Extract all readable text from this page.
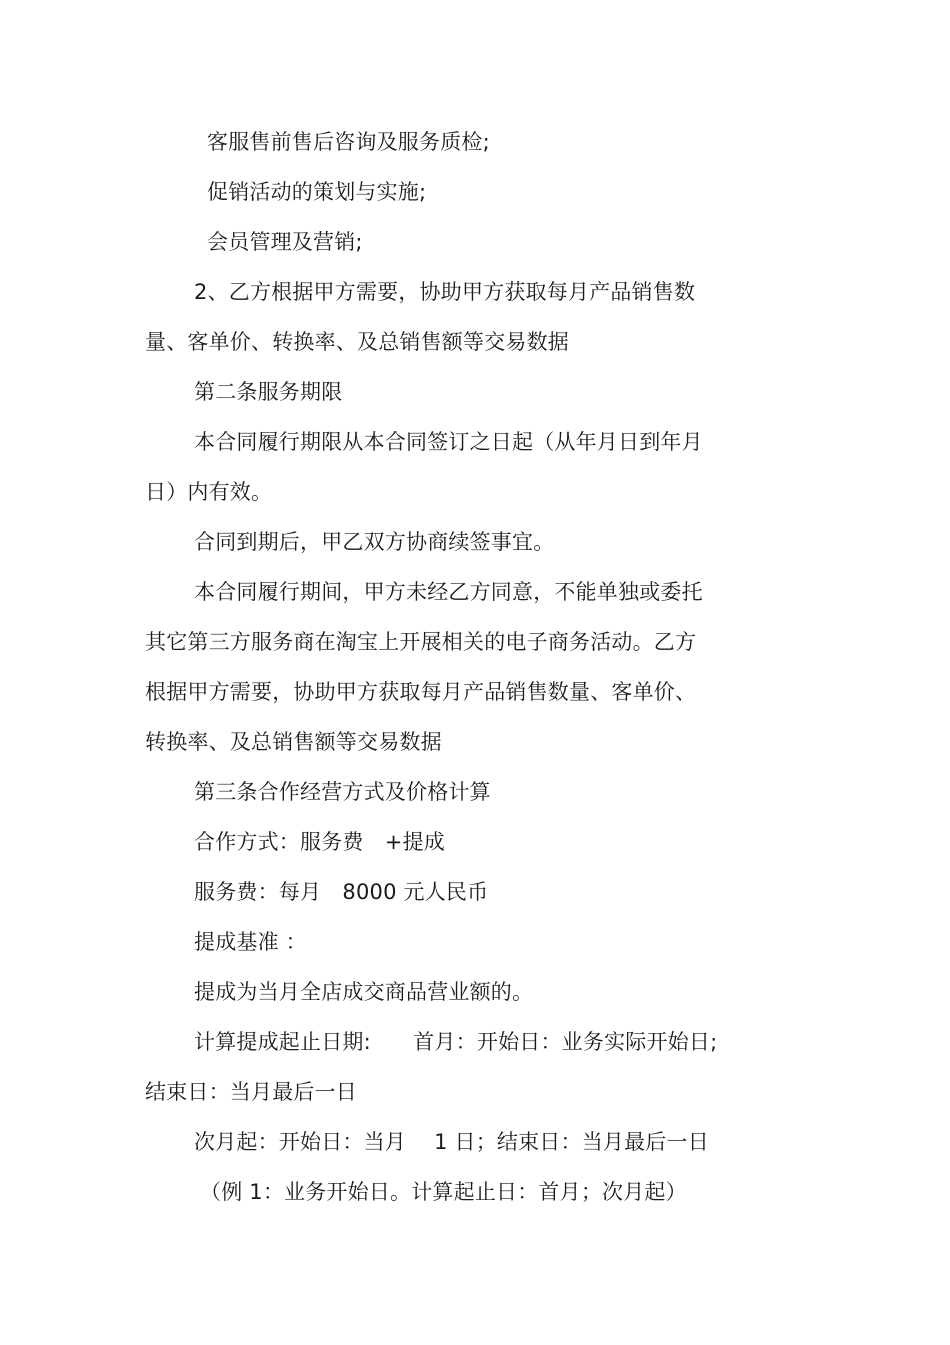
客服售前售后咨询及服务质检;
促销活动的策划与实施;
会员管理及营销;
2、乙方根据甲方需要，协助甲方获取每月产品销售数
量、客单价、转换率、及总销售额等交易数据
第二条服务期限
本合同履行期限从本合同签订之日起（从年月日到年月
日）内有效。
合同到期后，甲乙双方协商续签事宜。
本合同履行期间，甲方未经乙方同意，不能单独或委托
其它第三方服务商在淘宝上开展相关的电子商务活动。乙方
根据甲方需要，协助甲方获取每月产品销售数量、客单价、
转换率、及总销售额等交易数据
第三条合作经营方式及价格计算
合作方式：服务费　+提成
服务费：每月　8000 元人民币
提成基准 ：
提成为当月全店成交商品营业额的。
计算提成起止日期:　　首月：开始日：业务实际开始日;
结束日：当月最后一日
次月起：开始日：当月　 1 日；结束日：当月最后一日
（例 1：业务开始日。计算起止日：首月；次月起）
